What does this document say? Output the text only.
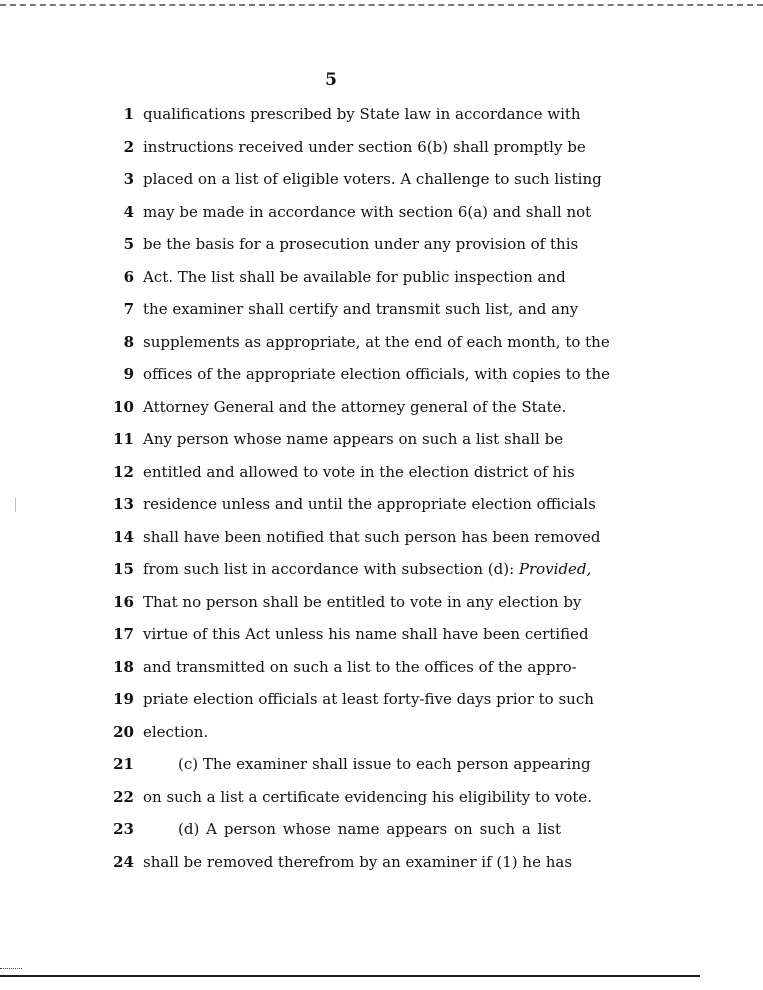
5
1 qualifications prescribed by State law in accordance with
2 instructions received under section 6(b) shall promptly be
3 placed on a list of eligible voters. A challenge to such listing
4 may be made in accordance with section 6(a) and shall not
5 be the basis for a prosecution under any provision of this
6 Act. The list shall be available for public inspection and
7 the examiner shall certify and transmit such list, and any
8 supplements as appropriate, at the end of each month, to the
9 offices of the appropriate election officials, with copies to the
10 Attorney General and the attorney general of the State.
11 Any person whose name appears on such a list shall be
12 entitled and allowed to vote in the election district of his
13 residence unless and until the appropriate election officials
14 shall have been notified that such person has been removed
15 from such list in accordance with subsection (d): Provided,
16 That no person shall be entitled to vote in any election by
17 virtue of this Act unless his name shall have been certified
18 and transmitted on such a list to the offices of the appro-
19 priate election officials at least forty-five days prior to such
20 election.
21	(c) The examiner shall issue to each person appearing
22 on such a list a certificate evidencing his eligibility to vote.
23	(d) A person whose name appears on such a list
24 shall be removed therefrom by an examiner if (1) he has
